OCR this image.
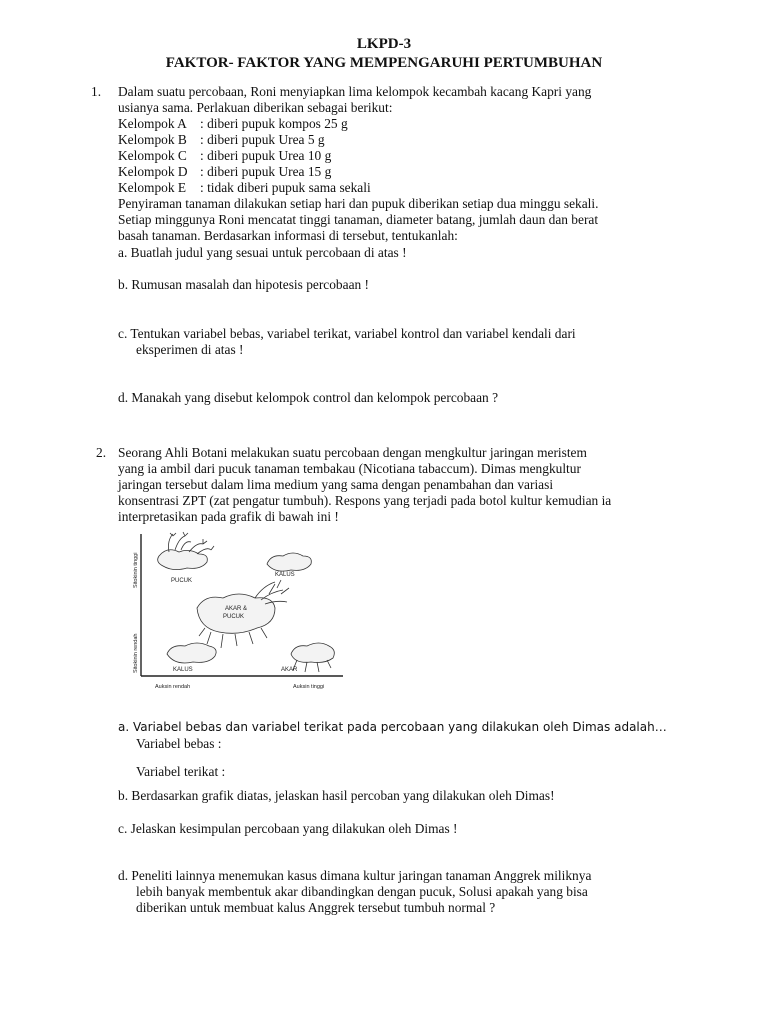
LKPD-3
FAKTOR- FAKTOR YANG MEMPENGARUHI PERTUMBUHAN
1. Dalam suatu percobaan, Roni menyiapkan lima kelompok kecambah kacang Kapri yang
usianya sama. Perlakuan diberikan sebagai berikut:
Kelompok A : diberi pupuk kompos 25 g
Kelompok B : diberi pupuk Urea 5 g
Kelompok C : diberi pupuk Urea 10 g
Kelompok D : diberi pupuk Urea 15 g
Kelompok E : tidak diberi pupuk sama sekali
Penyiraman tanaman dilakukan setiap hari dan pupuk diberikan setiap dua minggu sekali.
Setiap minggunya Roni mencatat tinggi tanaman, diameter batang, jumlah daun dan berat
basah tanaman. Berdasarkan informasi di tersebut, tentukanlah:
a. Buatlah judul yang sesuai untuk percobaan di atas !
b. Rumusan masalah dan hipotesis percobaan !
c. Tentukan variabel bebas, variabel terikat, variabel kontrol dan variabel kendali dari
eksperimen di atas !
d. Manakah yang disebut kelompok control dan kelompok percobaan ?
2. Seorang Ahli Botani melakukan suatu percobaan dengan mengkultur jaringan meristem
yang ia ambil dari pucuk tanaman tembakau (Nicotiana tabaccum). Dimas mengkultur
jaringan tersebut dalam lima medium yang sama dengan penambahan dan variasi
konsentrasi ZPT (zat pengatur tumbuh). Respons yang terjadi pada botol kultur kemudian ia
interpretasikan pada grafik di bawah ini !
Sitokinin tinggi
Sitokinin rendah
Auksin rendah	Auksin tinggi
PUCUK
KALUS
AKAR &
PUCUK
KALUS	AKAR
a. Variabel bebas dan variabel terikat pada percobaan yang dilakukan oleh Dimas adalah…
Variabel bebas :
Variabel terikat :
b. Berdasarkan grafik diatas, jelaskan hasil percoban yang dilakukan oleh Dimas!
c. Jelaskan kesimpulan percobaan yang dilakukan oleh Dimas !
d. Peneliti lainnya menemukan kasus dimana kultur jaringan tanaman Anggrek miliknya
lebih banyak membentuk akar dibandingkan dengan pucuk, Solusi apakah yang bisa
diberikan untuk membuat kalus Anggrek tersebut tumbuh normal ?
